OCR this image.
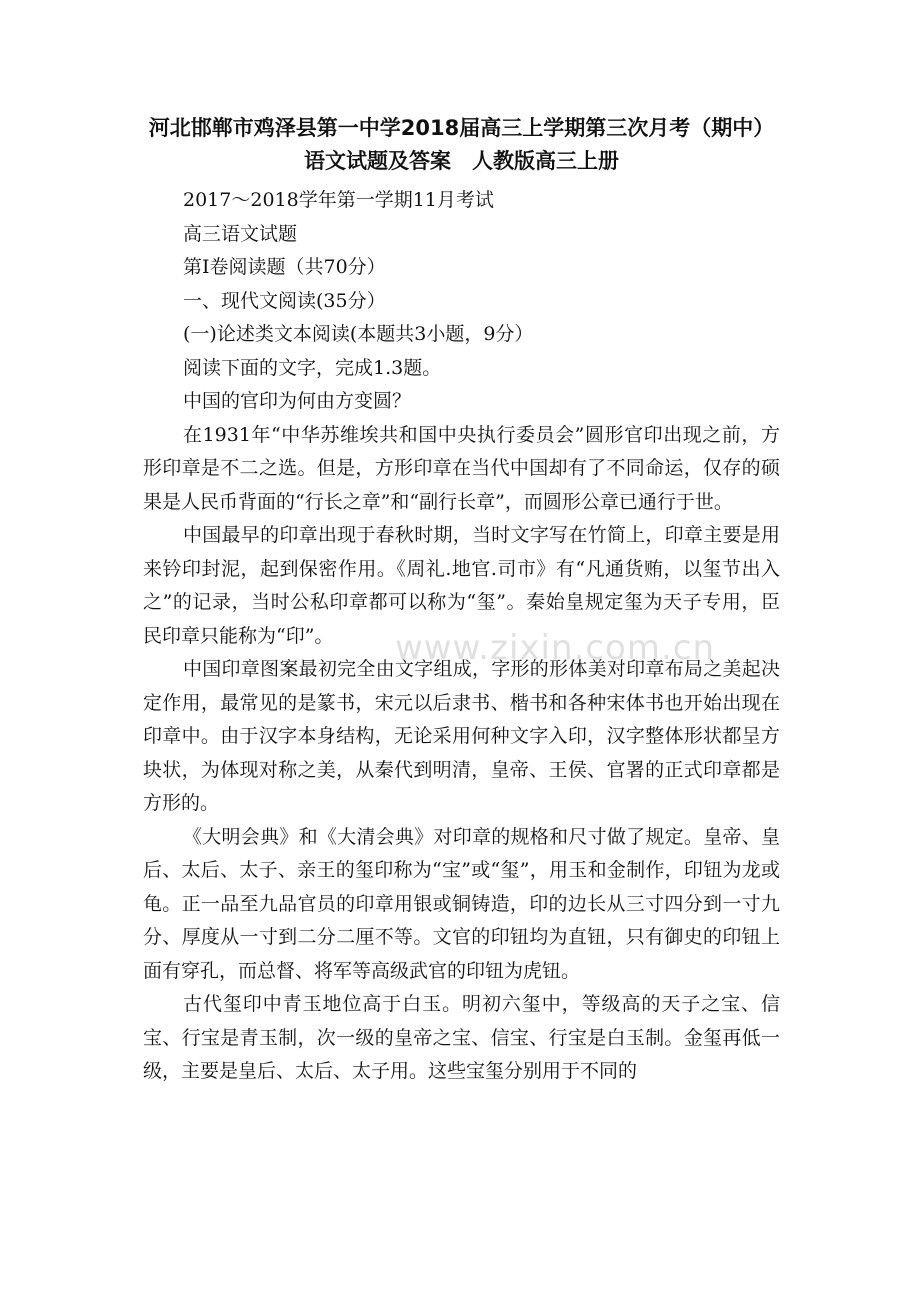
河北邯郸市鸡泽县第一中学2018届高三上学期第三次月考（期中）语文试题及答案　人教版高三上册

2017～2018学年第一学期11月考试

高三语文试题

第Ⅰ卷阅读题（共70分）

一、现代文阅读(35分）

(一)论述类文本阅读(本题共3小题，9分）

阅读下面的文字，完成1.3题。

中国的官印为何由方变圆？

在1931年“中华苏维埃共和国中央执行委员会”圆形官印出现之前，方形印章是不二之选。但是，方形印章在当代中国却有了不同命运，仅存的硕果是人民币背面的“行长之章”和“副行长章”，而圆形公章已通行于世。

中国最早的印章出现于春秋时期，当时文字写在竹简上，印章主要是用来钤印封泥，起到保密作用。《周礼.地官.司市》有“凡通货贿，以玺节出入之”的记录，当时公私印章都可以称为“玺”。秦始皇规定玺为天子专用，臣民印章只能称为“印”。

中国印章图案最初完全由文字组成，字形的形体美对印章布局之美起决定作用，最常见的是篆书，宋元以后隶书、楷书和各种宋体书也开始出现在印章中。由于汉字本身结构，无论采用何种文字入印，汉字整体形状都呈方块状，为体现对称之美，从秦代到明清，皇帝、王侯、官署的正式印章都是方形的。

《大明会典》和《大清会典》对印章的规格和尺寸做了规定。皇帝、皇后、太后、太子、亲王的玺印称为“宝”或“玺”，用玉和金制作，印钮为龙或龟。正一品至九品官员的印章用银或铜铸造，印的边长从三寸四分到一寸九分、厚度从一寸到二分二厘不等。文官的印钮均为直钮，只有御史的印钮上面有穿孔，而总督、将军等高级武官的印钮为虎钮。

古代玺印中青玉地位高于白玉。明初六玺中，等级高的天子之宝、信宝、行宝是青玉制，次一级的皇帝之宝、信宝、行宝是白玉制。金玺再低一级，主要是皇后、太后、太子用。这些宝玺分别用于不同的

www.zixin.com.cn
